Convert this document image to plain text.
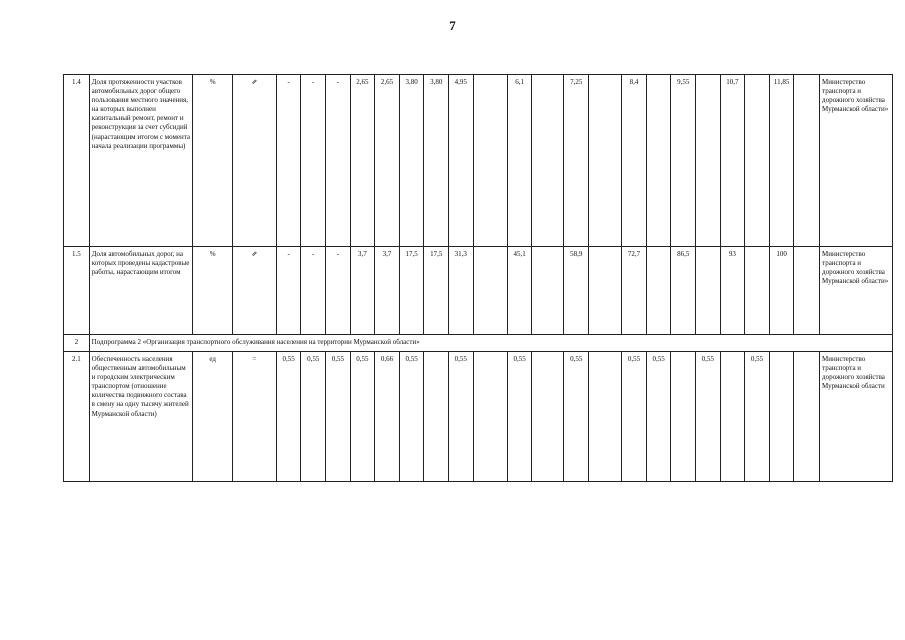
7
1.4	Доля протяженности участков автомобильных дорог общего пользования местного значения, на которых выполнен капитальный ремонт, ремонт и реконструкция за счет субсидий (нарастающим итогом с момента начала реализации программы)	%	⇗	-	-	-	2,65	2,65	3,80	3,80	4,95		6,1		7,25		8,4		9,55		10,7		11,85		Министерство транспорта и дорожного хозяйства Мурманской области»
1.5	Доля автомобильных дорог, на которых проведены кадастровые работы, нарастающим итогом	%	⇗	-	-	-	3,7	3,7	17,5	17,5	31,3		45,1		58,9		72,7		86,5		93		100		Министерство транспорта и дорожного хозяйства Мурманской области»
2	Подпрограмма 2 «Организация транспортного обслуживания населения на территории Мурманской области»																								
2.1	Обеспеченность населения общественным автомобильным и городским электрическим транспортом (отношение количества подвижного состава в смену на одну тысячу жителей Мурманской области)	ед	=	0,55	0,55	0,55	0,55	0,66	0,55		0,55		0,55		0,55		0,55	0,55		0,55		0,55			Министерство транспорта и дорожного хозяйства Мурманской области
